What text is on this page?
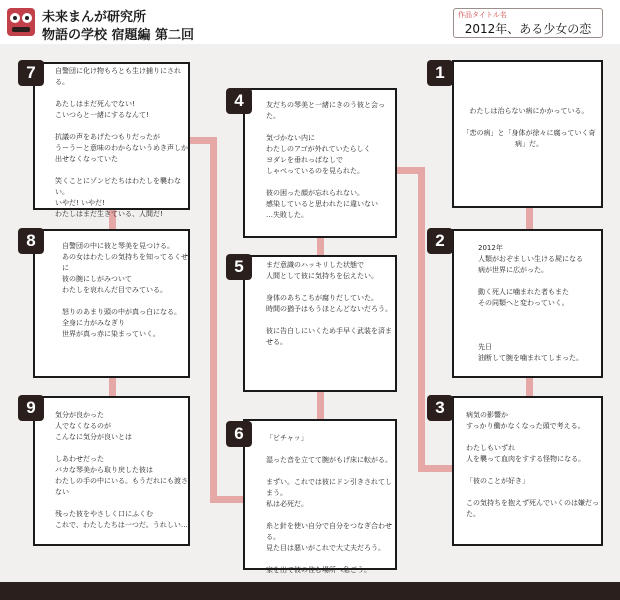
未来まんが研究所
物語の学校 宿題編 第二回
作品タイトル名
2012年、ある少女の恋
7
8
9
4
5
6
1
2
3
自警団に化け物もろとも生け捕りにされる。

あたしはまだ死んでない!
こいつらと一緒にするなんて!

抗議の声をあげたつもりだったが
うーうーと意味のわからないうめき声しか
出せなくなっていた

笑くことにゾンビたちはわたしを襲わない。
いやだ! いやだ!
わたしはまだ生きている、人間だ!
自警団の中に彼と琴美を見つける。
あの女はわたしの気持ちを知ってるくせに
彼の腕にしがみついて
わたしを哀れんだ目でみている。

怒りのあまり頭の中が真っ白になる。
全身に力がみなぎり
世界が真っ赤に染まっていく。
気分が良かった
人でなくなるのが
こんなに気分が良いとは

しあわせだった
バカな琴美から取り戻した彼は
わたしの手の中にいる。もうだれにも渡さない

残った彼をやさしく口にふくむ
これで、わたしたちは一つだ。うれしい…
友だちの琴美と一緒にきのう彼と会った。

気づかない内に
わたしのアゴが外れていたらしく
ヨダレを垂れっぱなしで
しゃべっているのを見られた。

彼の困った顔が忘れられない。
感染していると思われたに違いない
…失敗した。
まだ意識のハッキリした状態で
人間として彼に気持ちを伝えたい。

身体のあちこちが腐りだしていた。
時間の猶予はもうほとんどないだろう。

彼に告白しにいくため手早く武装を済ませる。
「ビチャッ」

湿った音を立てて腕がもげ床に転がる。

まずい。これでは彼にドン引きされてしまう。
私は必死だ。

糸と針を使い自分で自分をつなぎ合わせる。
見た目は悪いがこれで大丈夫だろう。

家を出て彼の住む場所へ急ごう。
わたしは治らない病にかかっている。

「恋の病」と「身体が徐々に腐っていく奇病」だ。
2012年
人類がおぞましい生ける屍になる
病が世界に広がった。

動く死人に噛まれた者もまた
その同類へと変わっていく。

先日
油断して腕を噛まれてしまった。
病気の影響か
すっかり働かなくなった頭で考える。

わたしもいずれ
人を襲って血肉をすする怪物になる。

「彼のことが好き」

この気持ちを抱えず死んでいくのは嫌だった。
